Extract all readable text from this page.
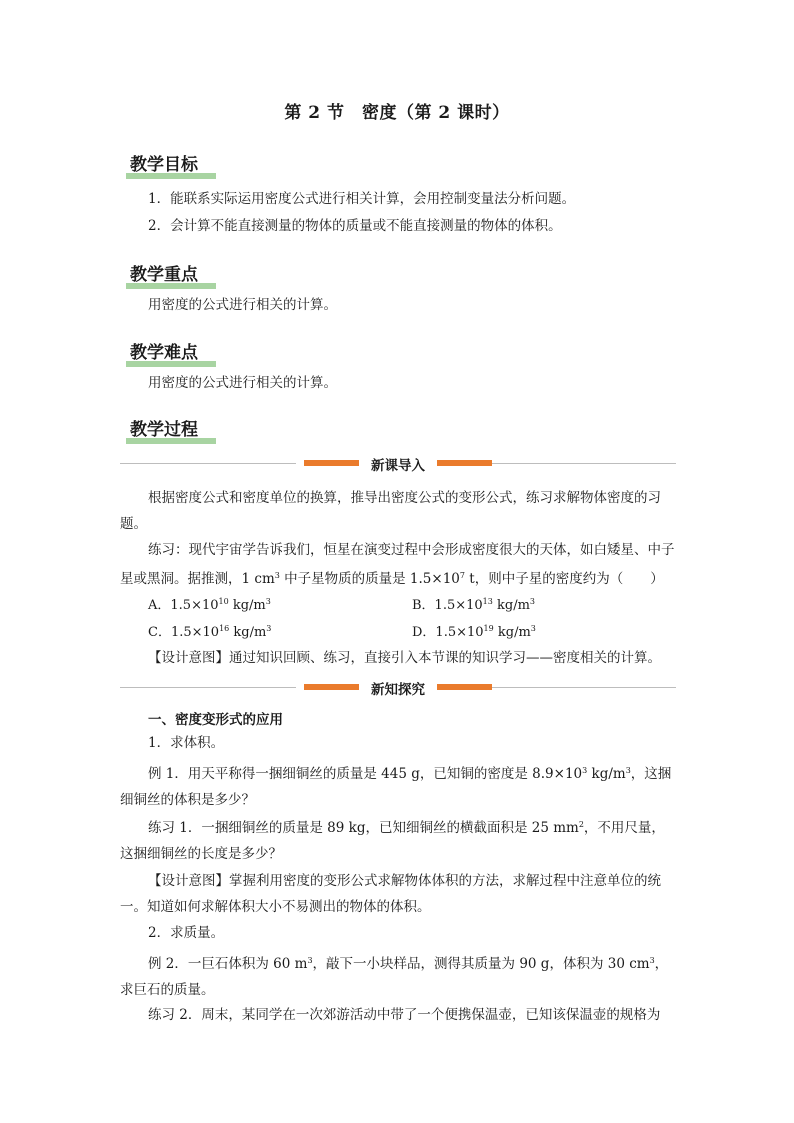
第 2 节　密度（第 2 课时）
教学目标
1．能联系实际运用密度公式进行相关计算，会用控制变量法分析问题。
2．会计算不能直接测量的物体的质量或不能直接测量的物体的体积。
教学重点
用密度的公式进行相关的计算。
教学难点
用密度的公式进行相关的计算。
教学过程
新课导入
根据密度公式和密度单位的换算，推导出密度公式的变形公式，练习求解物体密度的习题。
练习：现代宇宙学告诉我们，恒星在演变过程中会形成密度很大的天体，如白矮星、中子星或黑洞。据推测，1 $cm^3$ 中子星物质的质量是 $1.5\times 10^7$ t，则中子星的密度约为（　　）
A．$1.5\times 10^{10}$ $kg/m^3$	B．$1.5\times 10^{13}$ $kg/m^3$
C．$1.5\times 10^{16}$ $kg/m^3$	D．$1.5\times 10^{19}$ $kg/m^3$
【设计意图】通过知识回顾、练习，直接引入本节课的知识学习——密度相关的计算。
新知探究
一、密度变形式的应用
1．求体积。
例 1．用天平称得一捆细铜丝的质量是 445 g，已知铜的密度是 $8.9\times 10^3$ $kg/m^3$，这捆细铜丝的体积是多少？
练习 1．一捆细铜丝的质量是 89 kg，已知细铜丝的横截面积是 25 $mm^2$，不用尺量，这捆细铜丝的长度是多少？
【设计意图】掌握利用密度的变形公式求解物体体积的方法，求解过程中注意单位的统一。知道如何求解体积大小不易测出的物体的体积。
2．求质量。
例 2．一巨石体积为 60 $m^3$，敲下一小块样品，测得其质量为 90 g，体积为 30 $cm^3$，求巨石的质量。
练习 2．周末，某同学在一次郊游活动中带了一个便携保温壶，已知该保温壶的规格为
